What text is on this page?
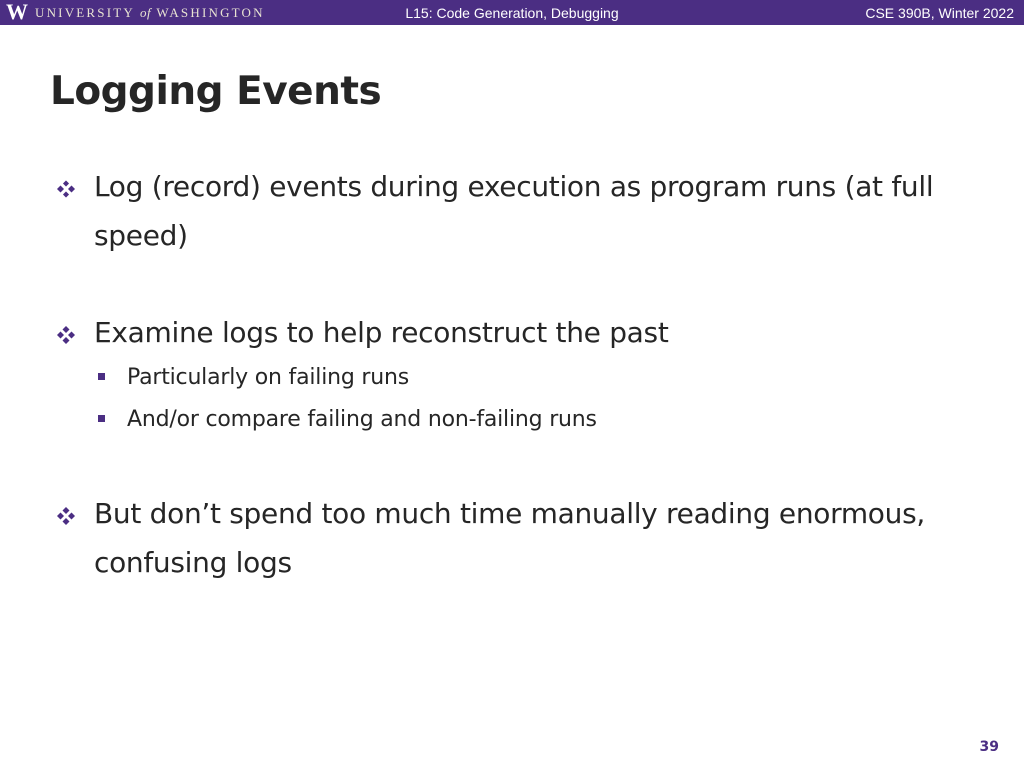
W UNIVERSITY of WASHINGTON	L15: Code Generation, Debugging	CSE 390B, Winter 2022
Logging Events
Log (record) events during execution as program runs (at full speed)
Examine logs to help reconstruct the past
Particularly on failing runs
And/or compare failing and non-failing runs
But don’t spend too much time manually reading enormous, confusing logs
39
